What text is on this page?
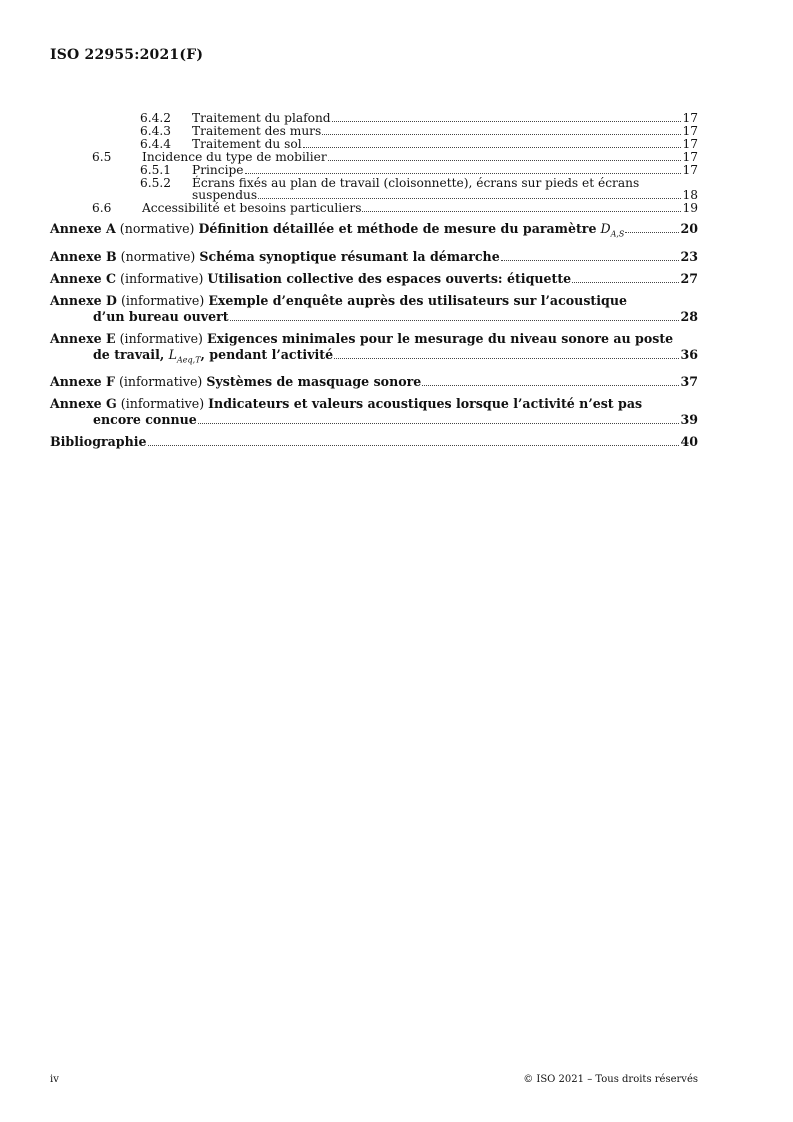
ISO 22955:2021(F)
6.4.2	Traitement du plafond	17
6.4.3	Traitement des murs	17
6.4.4	Traitement du sol	17
6.5	Incidence du type de mobilier	17
6.5.1	Principe	17
6.5.2	Écrans fixés au plan de travail (cloisonnette), écrans sur pieds et écrans
suspendus	18
6.6	Accessibilité et besoins particuliers	19
Annexe A (normative) Définition détaillée et méthode de mesure du paramètre $D_{A,S}$	20
Annexe B (normative) Schéma synoptique résumant la démarche	23
Annexe C (informative) Utilisation collective des espaces ouverts: étiquette	27
Annexe D (informative) Exemple d’enquête auprès des utilisateurs sur l’acoustique
d’un bureau ouvert	28
Annexe E (informative) Exigences minimales pour le mesurage du niveau sonore au poste
de travail, $L_{Aeq,T}$, pendant l’activité	36
Annexe F (informative) Systèmes de masquage sonore	37
Annexe G (informative) Indicateurs et valeurs acoustiques lorsque l’activité n’est pas
encore connue	39
Bibliographie	40
iv	© ISO 2021 – Tous droits réservés
